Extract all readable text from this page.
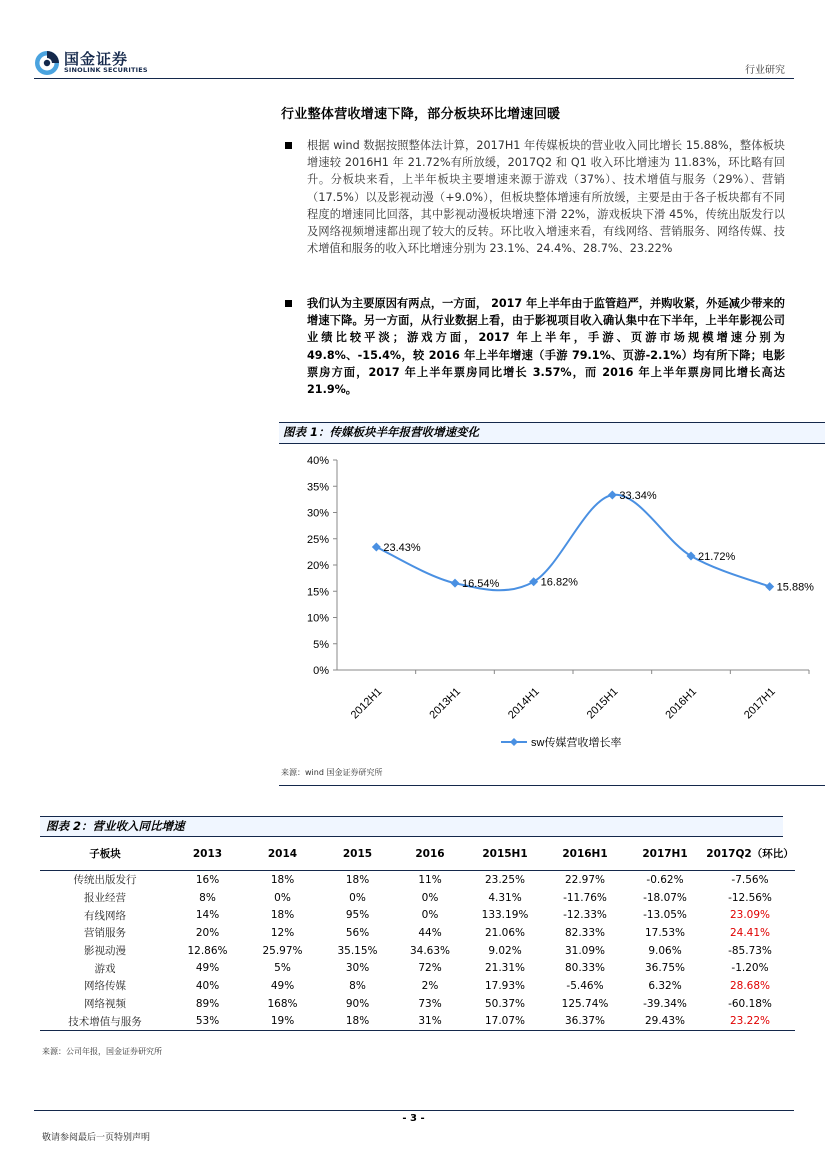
国金证券
SINOLINK SECURITIES	行业研究
行业整体营收增速下降，部分板块环比增速回暖
根据 wind 数据按照整体法计算，2017H1 年传媒板块的营业收入同比增长 15.88%，整体板块增速较 2016H1 年 21.72%有所放缓，2017Q2 和 Q1 收入环比增速为 11.83%，环比略有回升。分板块来看，上半年板块主要增速来源于游戏（37%）、技术增值与服务（29%）、营销（17.5%）以及影视动漫（+9.0%），但板块整体增速有所放缓，主要是由于各子板块都有不同程度的增速同比回落，其中影视动漫板块增速下滑 22%，游戏板块下滑 45%，传统出版发行以及网络视频增速都出现了较大的反转。环比收入增速来看，有线网络、营销服务、网络传媒、技术增值和服务的收入环比增速分别为 23.1%、24.4%、28.7%、23.22%
我们认为主要原因有两点，一方面， 2017 年上半年由于监管趋严，并购收紧，外延减少带来的增速下降。另一方面，从行业数据上看，由于影视项目收入确认集中在下半年，上半年影视公司业绩比较平淡；游戏方面，2017 年上半年，手游、页游市场规模增速分别为 49.8%、-15.4%，较 2016 年上半年增速（手游 79.1%、页游-2.1%）均有所下降；电影票房方面，2017 年上半年票房同比增长 3.57%，而 2016 年上半年票房同比增长高达 21.9%。
图表 1：传媒板块半年报营收增速变化
0%
5%
10%
15%
20%
25%
30%
35%
40%
2012H1	2013H1	2014H1	2015H1	2016H1	2017H1
23.43%
16.54%	16.82%
33.34%
21.72%
15.88%
sw传媒营收增长率
来源：wind 国金证券研究所
图表 2：营业收入同比增速
子板块	2013	2014	2015	2016	2015H1	2016H1	2017H1	2017Q2（环比）
传统出版发行	16%	18%	18%	11%	23.25%	22.97%	-0.62%	-7.56%
报业经营	8%	0%	0%	0%	4.31%	-11.76%	-18.07%	-12.56%
有线网络	14%	18%	95%	0%	133.19%	-12.33%	-13.05%	23.09%
营销服务	20%	12%	56%	44%	21.06%	82.33%	17.53%	24.41%
影视动漫	12.86%	25.97%	35.15%	34.63%	9.02%	31.09%	9.06%	-85.73%
游戏	49%	5%	30%	72%	21.31%	80.33%	36.75%	-1.20%
网络传媒	40%	49%	8%	2%	17.93%	-5.46%	6.32%	28.68%
网络视频	89%	168%	90%	73%	50.37%	125.74%	-39.34%	-60.18%
技术增值与服务	53%	19%	18%	31%	17.07%	36.37%	29.43%	23.22%
来源：公司年报，国金证券研究所
- 3 -
敬请参阅最后一页特别声明
